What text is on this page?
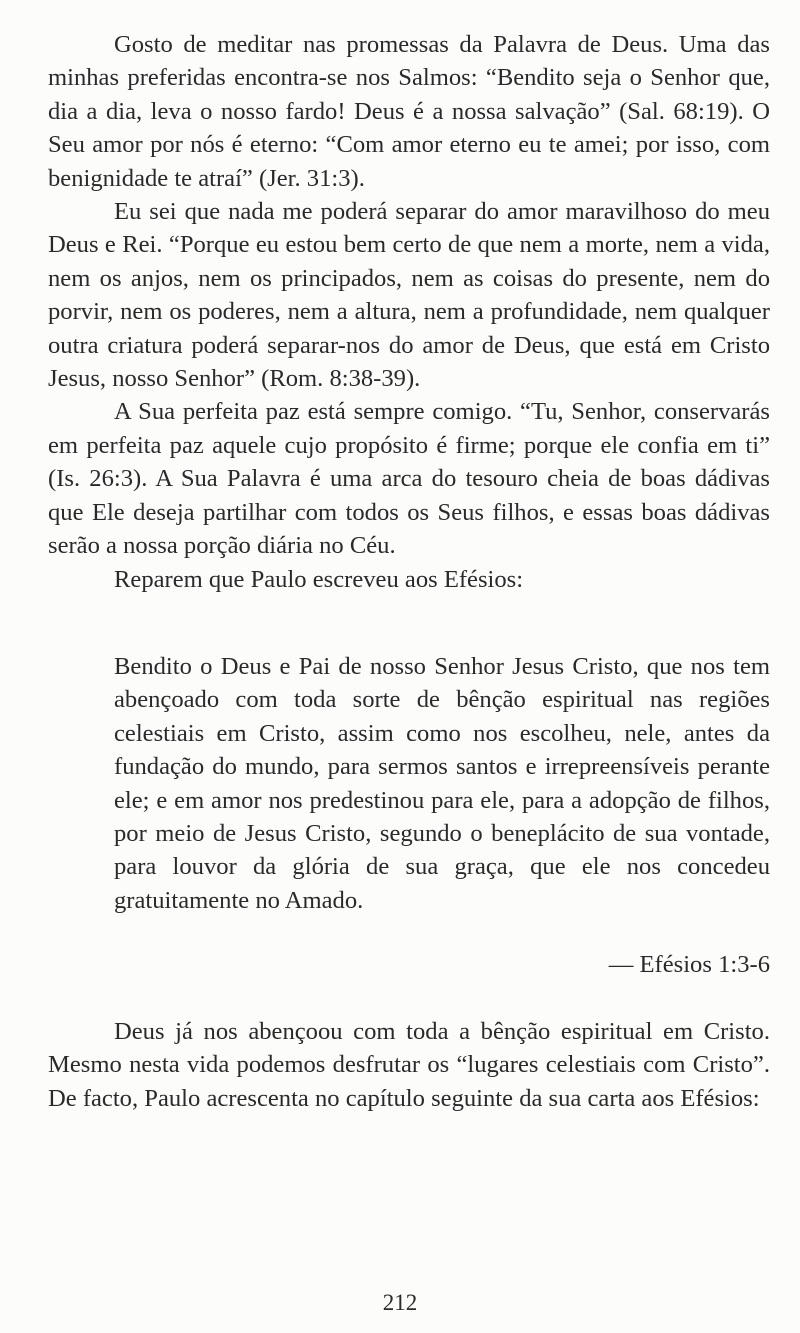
Gosto de meditar nas promessas da Palavra de Deus. Uma das minhas preferidas encontra-se nos Salmos: “Bendito seja o Senhor que, dia a dia, leva o nosso fardo! Deus é a nossa salvação” (Sal. 68:19). O Seu amor por nós é eterno: “Com amor eterno eu te amei; por isso, com benignidade te atraí” (Jer. 31:3).

Eu sei que nada me poderá separar do amor maravilhoso do meu Deus e Rei. “Porque eu estou bem certo de que nem a morte, nem a vida, nem os anjos, nem os principados, nem as coisas do presente, nem do porvir, nem os poderes, nem a altura, nem a profundidade, nem qualquer outra criatura poderá separar-nos do amor de Deus, que está em Cristo Jesus, nosso Senhor” (Rom. 8:38-39).

A Sua perfeita paz está sempre comigo. “Tu, Senhor, conservarás em perfeita paz aquele cujo propósito é firme; porque ele confia em ti” (Is. 26:3). A Sua Palavra é uma arca do tesouro cheia de boas dádivas que Ele deseja partilhar com todos os Seus filhos, e essas boas dádivas serão a nossa porção diária no Céu.

Reparem que Paulo escreveu aos Efésios:

Bendito o Deus e Pai de nosso Senhor Jesus Cristo, que nos tem abençoado com toda sorte de bênção espiritual nas regiões celestiais em Cristo, assim como nos escolheu, nele, antes da fundação do mundo, para sermos santos e irrepreensíveis perante ele; e em amor nos predestinou para ele, para a adopção de filhos, por meio de Jesus Cristo, segundo o beneplácito de sua vontade, para louvor da glória de sua graça, que ele nos concedeu gratuitamente no Amado.

— Efésios 1:3-6

Deus já nos abençoou com toda a bênção espiritual em Cristo. Mesmo nesta vida podemos desfrutar os “lugares celestiais com Cristo”. De facto, Paulo acrescenta no capítulo seguinte da sua carta aos Efésios:

212
